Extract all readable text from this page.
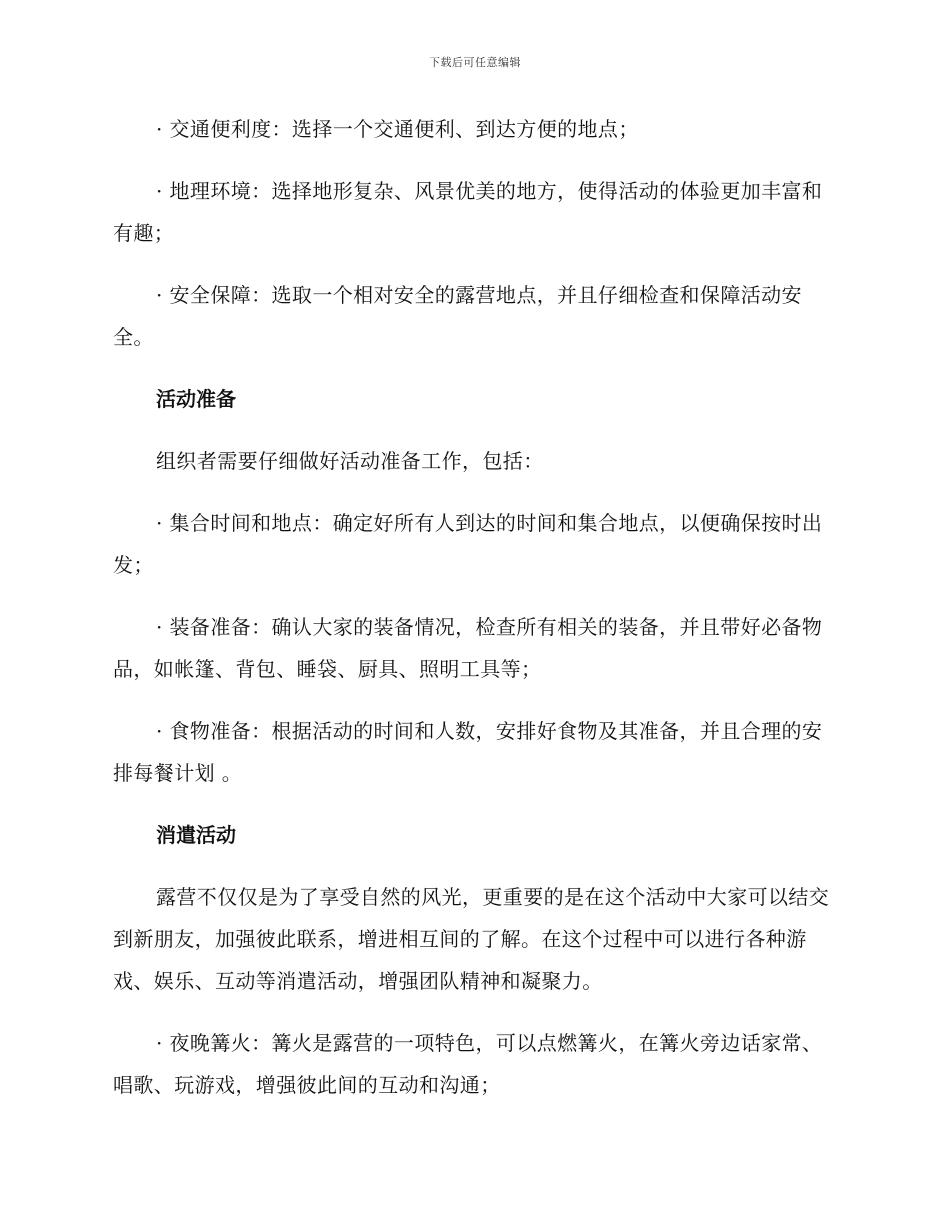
下载后可任意编辑

· 交通便利度：选择一个交通便利、到达方便的地点；

· 地理环境：选择地形复杂、风景优美的地方，使得活动的体验更加丰富和有趣；

· 安全保障：选取一个相对安全的露营地点，并且仔细检查和保障活动安全。

活动准备

组织者需要仔细做好活动准备工作，包括：

· 集合时间和地点：确定好所有人到达的时间和集合地点，以便确保按时出发；

· 装备准备：确认大家的装备情况，检查所有相关的装备，并且带好必备物品，如帐篷、背包、睡袋、厨具、照明工具等；

· 食物准备：根据活动的时间和人数，安排好食物及其准备，并且合理的安排每餐计划 。

消遣活动

露营不仅仅是为了享受自然的风光，更重要的是在这个活动中大家可以结交到新朋友，加强彼此联系，增进相互间的了解。在这个过程中可以进行各种游戏、娱乐、互动等消遣活动，增强团队精神和凝聚力。

· 夜晚篝火：篝火是露营的一项特色，可以点燃篝火，在篝火旁边话家常、唱歌、玩游戏，增强彼此间的互动和沟通；
